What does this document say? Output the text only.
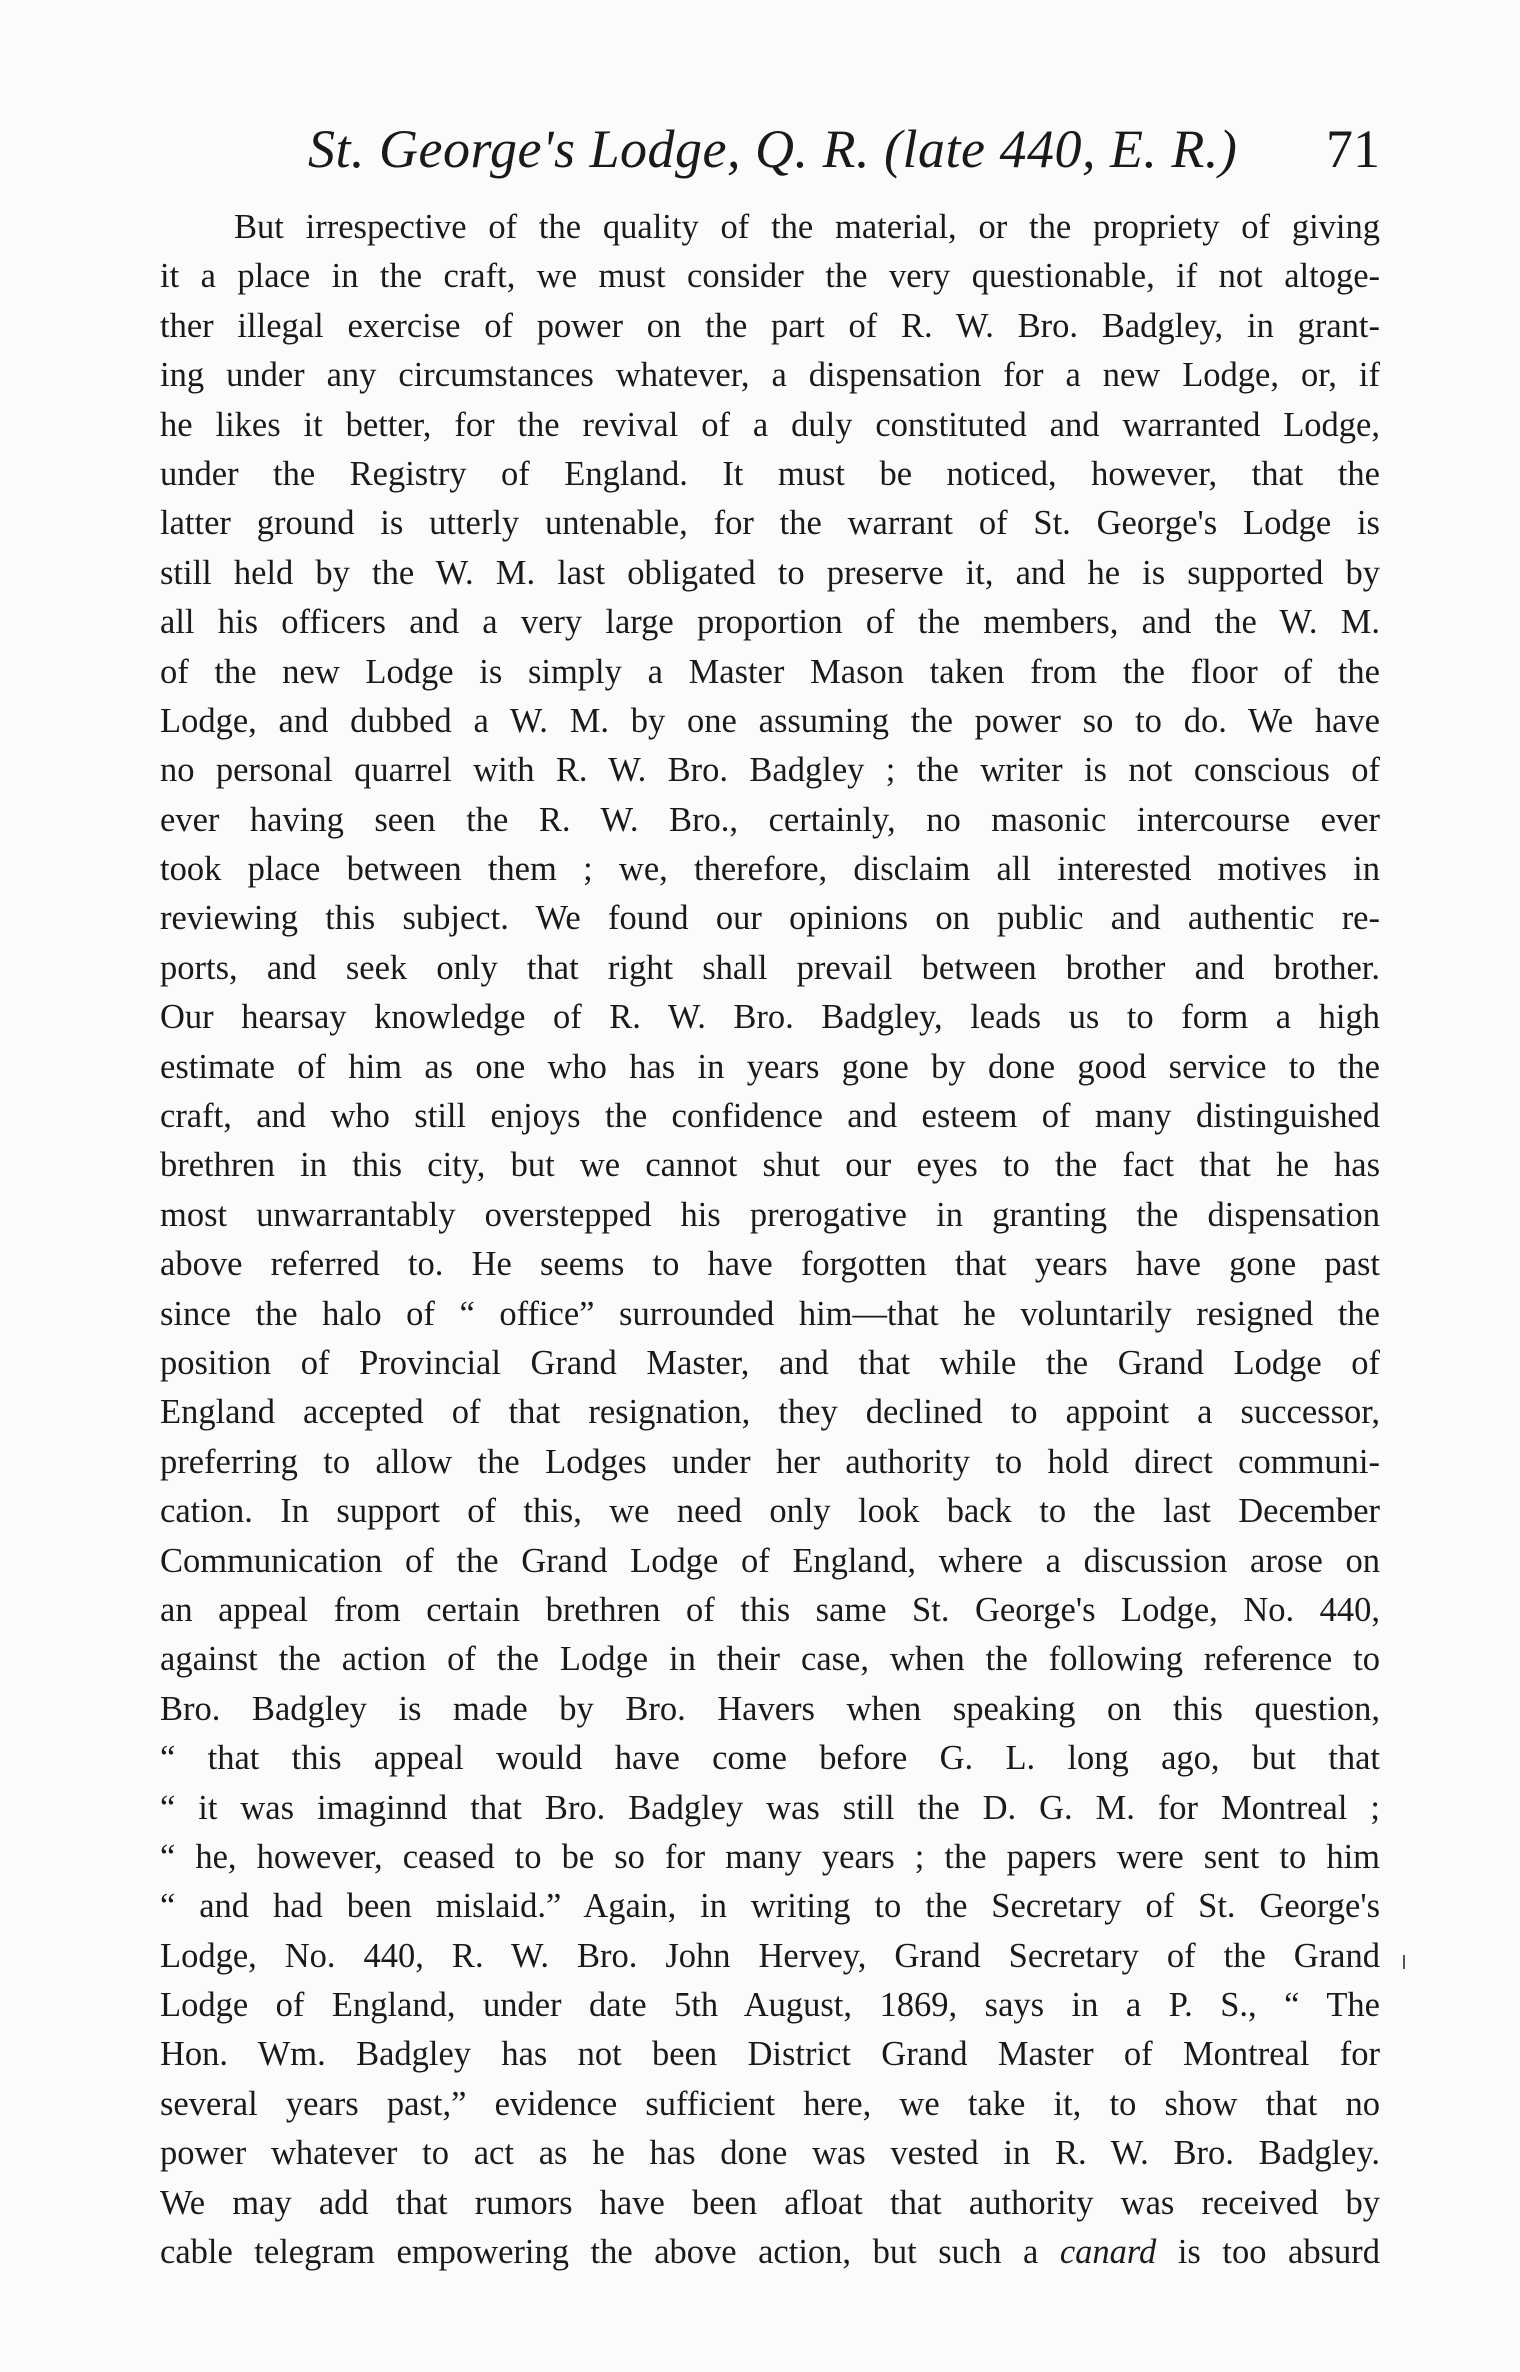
St. George's Lodge, Q. R. (late 440, E. R.) 71
But irrespective of the quality of the material, or the propriety of giving
it a place in the craft, we must consider the very questionable, if not altoge-
ther illegal exercise of power on the part of R. W. Bro. Badgley, in grant-
ing under any circumstances whatever, a dispensation for a new Lodge, or, if
he likes it better, for the revival of a duly constituted and warranted Lodge,
under the Registry of England. It must be noticed, however, that the
latter ground is utterly untenable, for the warrant of St. George's Lodge is
still held by the W. M. last obligated to preserve it, and he is supported by
all his officers and a very large proportion of the members, and the W. M.
of the new Lodge is simply a Master Mason taken from the floor of the
Lodge, and dubbed a W. M. by one assuming the power so to do. We have
no personal quarrel with R. W. Bro. Badgley ; the writer is not conscious of
ever having seen the R. W. Bro., certainly, no masonic intercourse ever
took place between them ; we, therefore, disclaim all interested motives in
reviewing this subject. We found our opinions on public and authentic re-
ports, and seek only that right shall prevail between brother and brother.
Our hearsay knowledge of R. W. Bro. Badgley, leads us to form a high
estimate of him as one who has in years gone by done good service to the
craft, and who still enjoys the confidence and esteem of many distinguished
brethren in this city, but we cannot shut our eyes to the fact that he has
most unwarrantably overstepped his prerogative in granting the dispensation
above referred to. He seems to have forgotten that years have gone past
since the halo of “ office” surrounded him—that he voluntarily resigned the
position of Provincial Grand Master, and that while the Grand Lodge of
England accepted of that resignation, they declined to appoint a successor,
preferring to allow the Lodges under her authority to hold direct communi-
cation. In support of this, we need only look back to the last December
Communication of the Grand Lodge of England, where a discussion arose on
an appeal from certain brethren of this same St. George's Lodge, No. 440,
against the action of the Lodge in their case, when the following reference to
Bro. Badgley is made by Bro. Havers when speaking on this question,
“ that this appeal would have come before G. L. long ago, but that
“ it was imaginnd that Bro. Badgley was still the D. G. M. for Montreal ;
“ he, however, ceased to be so for many years ; the papers were sent to him
“ and had been mislaid.” Again, in writing to the Secretary of St. George's
Lodge, No. 440, R. W. Bro. John Hervey, Grand Secretary of the Grand
Lodge of England, under date 5th August, 1869, says in a P. S., “ The
Hon. Wm. Badgley has not been District Grand Master of Montreal for
several years past,” evidence sufficient here, we take it, to show that no
power whatever to act as he has done was vested in R. W. Bro. Badgley.
We may add that rumors have been afloat that authority was received by
cable telegram empowering the above action, but such a canard is too absurd
